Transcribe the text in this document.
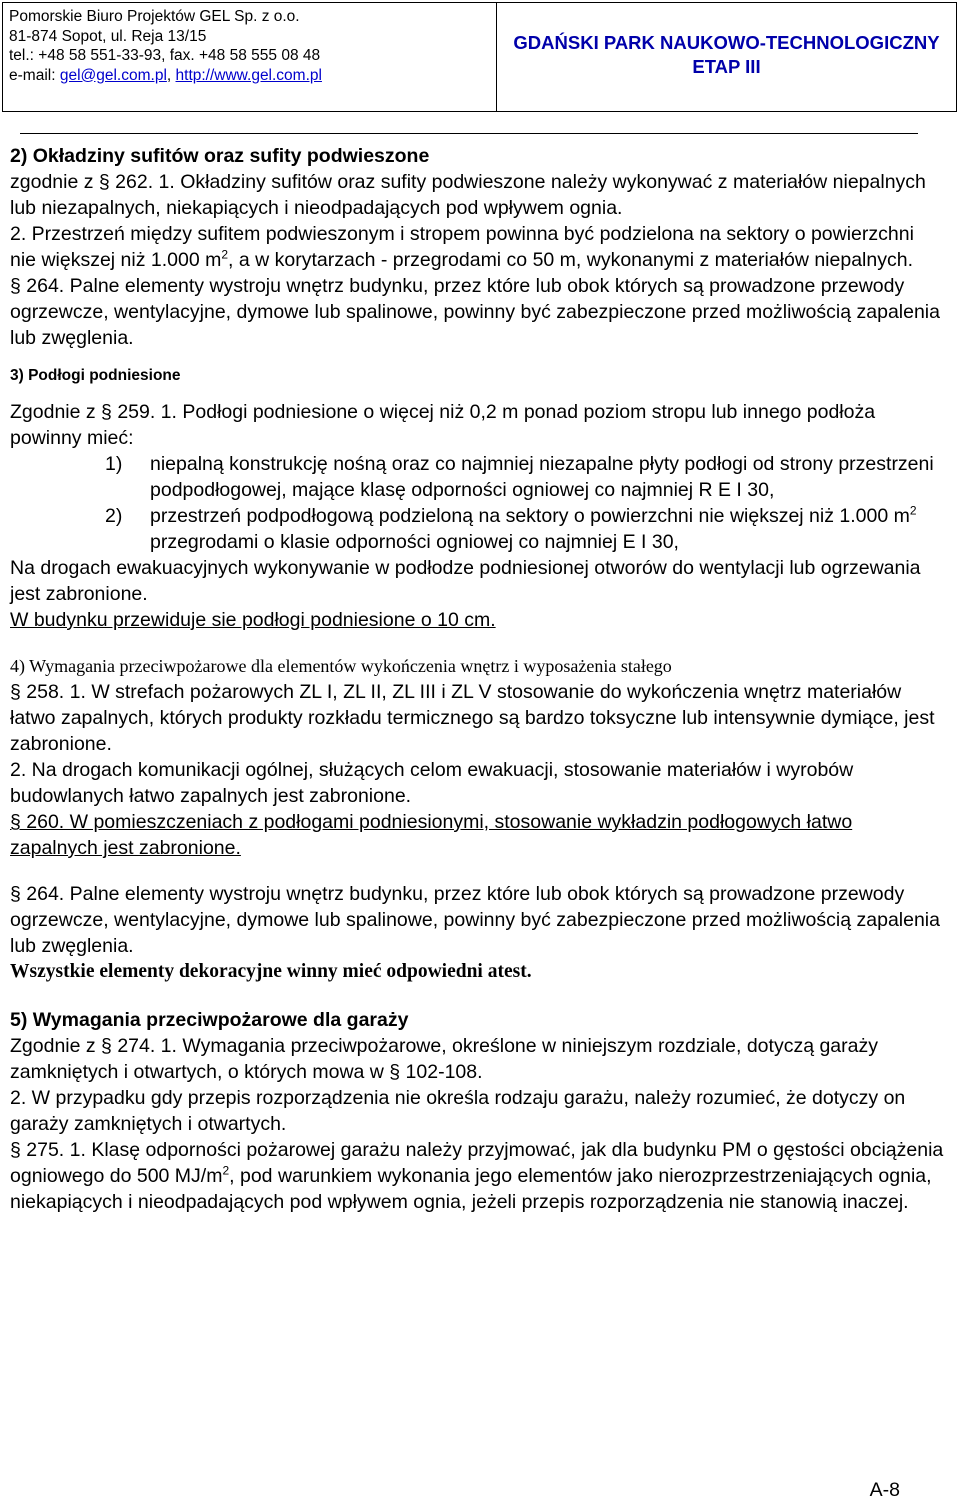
Pomorskie Biuro Projektów GEL Sp. z o.o.
81-874 Sopot, ul. Reja 13/15
tel.: +48 58 551-33-93, fax. +48 58 555 08 48
e-mail: gel@gel.com.pl, http://www.gel.com.pl
GDAŃSKI PARK NAUKOWO-TECHNOLOGICZNY
ETAP III

2) Okładziny sufitów oraz sufity podwieszone

zgodnie z § 262. 1. Okładziny sufitów oraz sufity podwieszone należy wykonywać z materiałów niepalnych lub niezapalnych, niekapiących i nieodpadających pod wpływem ognia.

2. Przestrzeń między sufitem podwieszonym i stropem powinna być podzielona na sektory o powierzchni nie większej niż 1.000 $m^2$, a w korytarzach - przegrodami co 50 m, wykonanymi z materiałów niepalnych.

§ 264. Palne elementy wystroju wnętrz budynku, przez które lub obok których są prowadzone przewody ogrzewcze, wentylacyjne, dymowe lub spalinowe, powinny być zabezpieczone przed możliwością zapalenia lub zwęglenia.

3) Podłogi podniesione

Zgodnie z § 259. 1. Podłogi podniesione o więcej niż 0,2 m ponad poziom stropu lub innego podłoża powinny mieć:

1)	niepalną konstrukcję nośną oraz co najmniej niezapalne płyty podłogi od strony przestrzeni podpodłogowej, mające klasę odporności ogniowej co najmniej R E I 30,
2)	przestrzeń podpodłogową podzieloną na sektory o powierzchni nie większej niż 1.000 $m^2$ przegrodami o klasie odporności ogniowej co najmniej E I 30,

Na drogach ewakuacyjnych wykonywanie w podłodze podniesionej otworów do wentylacji lub ogrzewania jest zabronione.

W budynku przewiduje sie podłogi podniesione o 10 cm.

4) Wymagania przeciwpożarowe dla elementów wykończenia wnętrz i wyposażenia stałego

§ 258. 1. W strefach pożarowych ZL I, ZL II, ZL III i ZL V stosowanie do wykończenia wnętrz materiałów łatwo zapalnych, których produkty rozkładu termicznego są bardzo toksyczne lub intensywnie dymiące, jest zabronione.

2. Na drogach komunikacji ogólnej, służących celom ewakuacji, stosowanie materiałów i wyrobów budowlanych łatwo zapalnych jest zabronione.

§ 260. W pomieszczeniach z podłogami podniesionymi, stosowanie wykładzin podłogowych łatwo zapalnych jest zabronione.

§ 264. Palne elementy wystroju wnętrz budynku, przez które lub obok których są prowadzone przewody ogrzewcze, wentylacyjne, dymowe lub spalinowe, powinny być zabezpieczone przed możliwością zapalenia lub zwęglenia.

Wszystkie elementy dekoracyjne winny mieć odpowiedni atest.

5) Wymagania przeciwpożarowe dla garaży

Zgodnie z § 274. 1. Wymagania przeciwpożarowe, określone w niniejszym rozdziale, dotyczą garaży zamkniętych i otwartych, o których mowa w § 102-108.

2. W przypadku gdy przepis rozporządzenia nie określa rodzaju garażu, należy rozumieć, że dotyczy on garaży zamkniętych i otwartych.

§ 275. 1. Klasę odporności pożarowej garażu należy przyjmować, jak dla budynku PM o gęstości obciążenia ogniowego do 500 $MJ/m^2$, pod warunkiem wykonania jego elementów jako nierozprzestrzeniających ognia, niekapiących i nieodpadających pod wpływem ognia, jeżeli przepis rozporządzenia nie stanowią inaczej.

A-8
